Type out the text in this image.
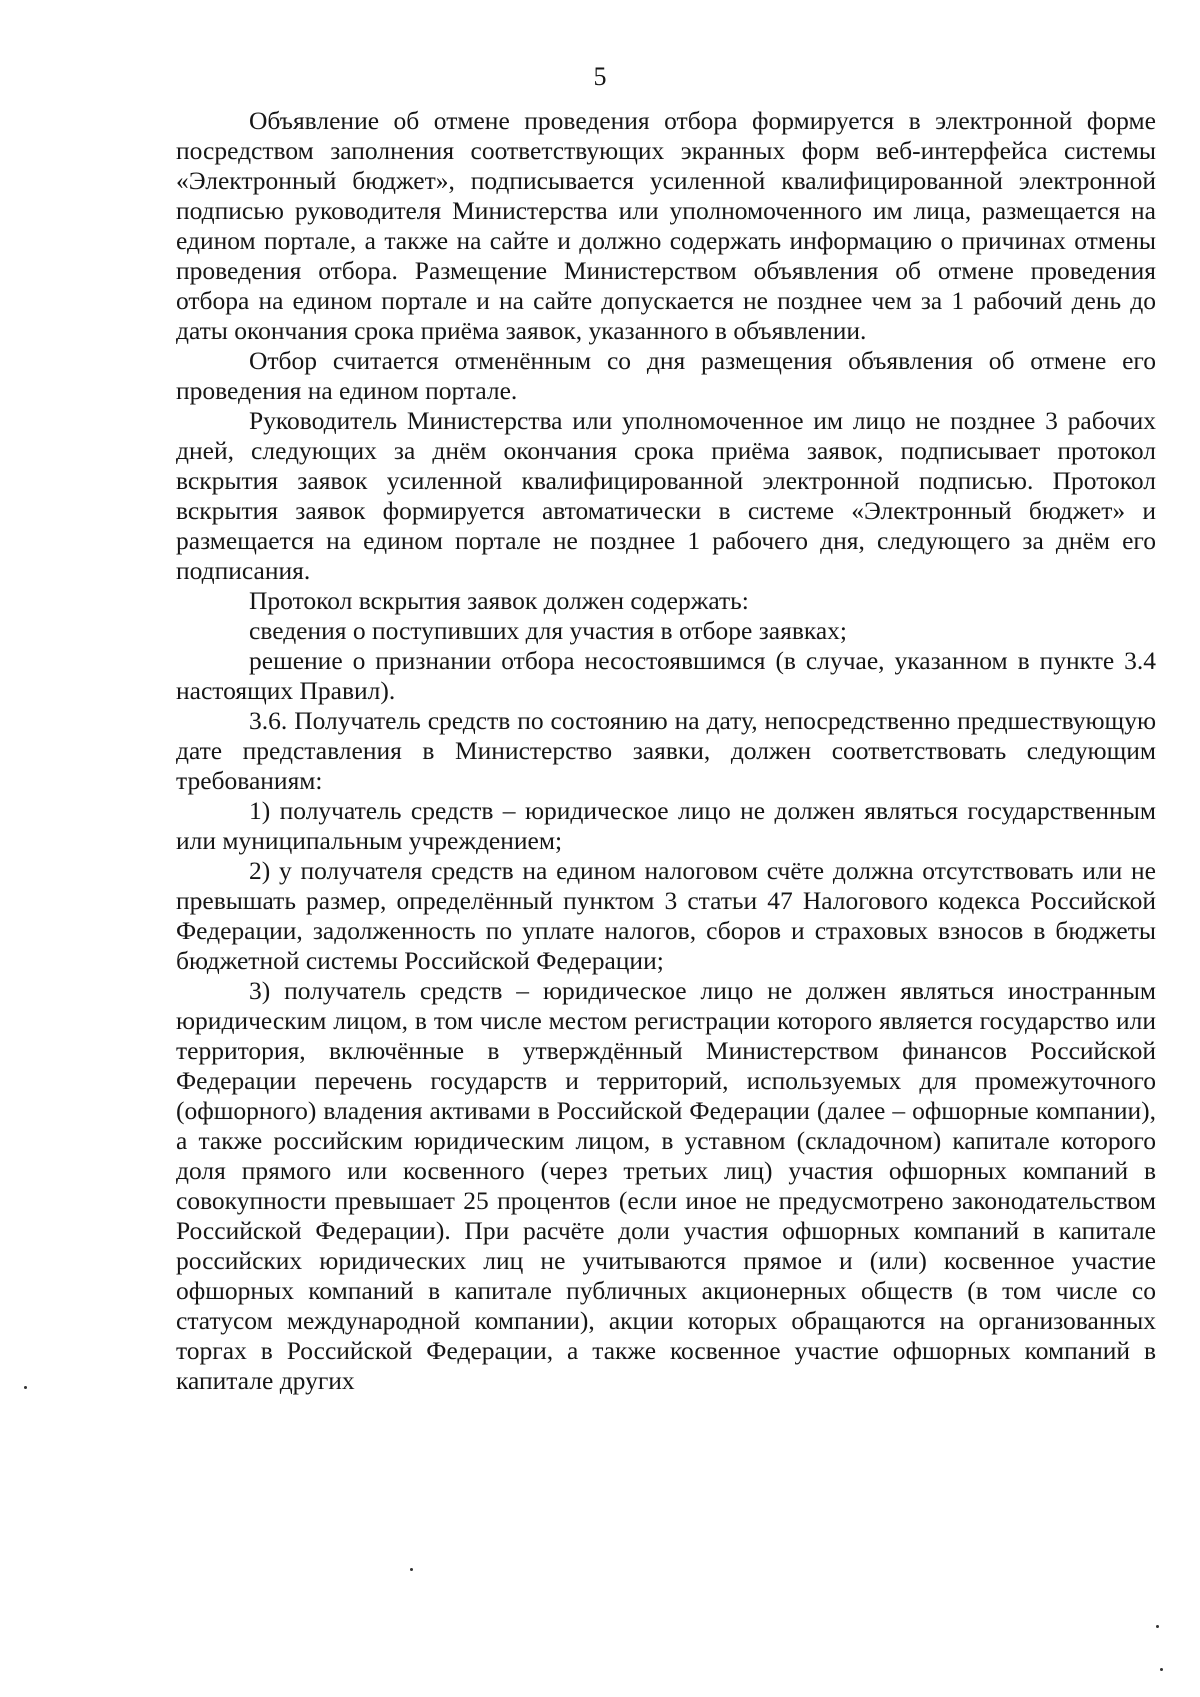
5

Объявление об отмене проведения отбора формируется в электронной форме посредством заполнения соответствующих экранных форм веб-интерфейса системы «Электронный бюджет», подписывается усиленной квалифицированной электронной подписью руководителя Министерства или уполномоченного им лица, размещается на едином портале, а также на сайте и должно содержать информацию о причинах отмены проведения отбора. Размещение Министерством объявления об отмене проведения отбора на едином портале и на сайте допускается не позднее чем за 1 рабочий день до даты окончания срока приёма заявок, указанного в объявлении.

Отбор считается отменённым со дня размещения объявления об отмене его проведения на едином портале.

Руководитель Министерства или уполномоченное им лицо не позднее 3 рабочих дней, следующих за днём окончания срока приёма заявок, подписывает протокол вскрытия заявок усиленной квалифицированной электронной подписью. Протокол вскрытия заявок формируется автоматически в системе «Электронный бюджет» и размещается на едином портале не позднее 1 рабочего дня, следующего за днём его подписания.

Протокол вскрытия заявок должен содержать:

сведения о поступивших для участия в отборе заявках;

решение о признании отбора несостоявшимся (в случае, указанном в пункте 3.4 настоящих Правил).

3.6. Получатель средств по состоянию на дату, непосредственно предшествующую дате представления в Министерство заявки, должен соответствовать следующим требованиям:

1) получатель средств – юридическое лицо не должен являться государственным или муниципальным учреждением;

2) у получателя средств на едином налоговом счёте должна отсутствовать или не превышать размер, определённый пунктом 3 статьи 47 Налогового кодекса Российской Федерации, задолженность по уплате налогов, сборов и страховых взносов в бюджеты бюджетной системы Российской Федерации;

3) получатель средств – юридическое лицо не должен являться иностранным юридическим лицом, в том числе местом регистрации которого является государство или территория, включённые в утверждённый Министерством финансов Российской Федерации перечень государств и территорий, используемых для промежуточного (офшорного) владения активами в Российской Федерации (далее – офшорные компании), а также российским юридическим лицом, в уставном (складочном) капитале которого доля прямого или косвенного (через третьих лиц) участия офшорных компаний в совокупности превышает 25 процентов (если иное не предусмотрено законодательством Российской Федерации). При расчёте доли участия офшорных компаний в капитале российских юридических лиц не учитываются прямое и (или) косвенное участие офшорных компаний в капитале публичных акционерных обществ (в том числе со статусом международной компании), акции которых обращаются на организованных торгах в Российской Федерации, а также косвенное участие офшорных компаний в капитале других
